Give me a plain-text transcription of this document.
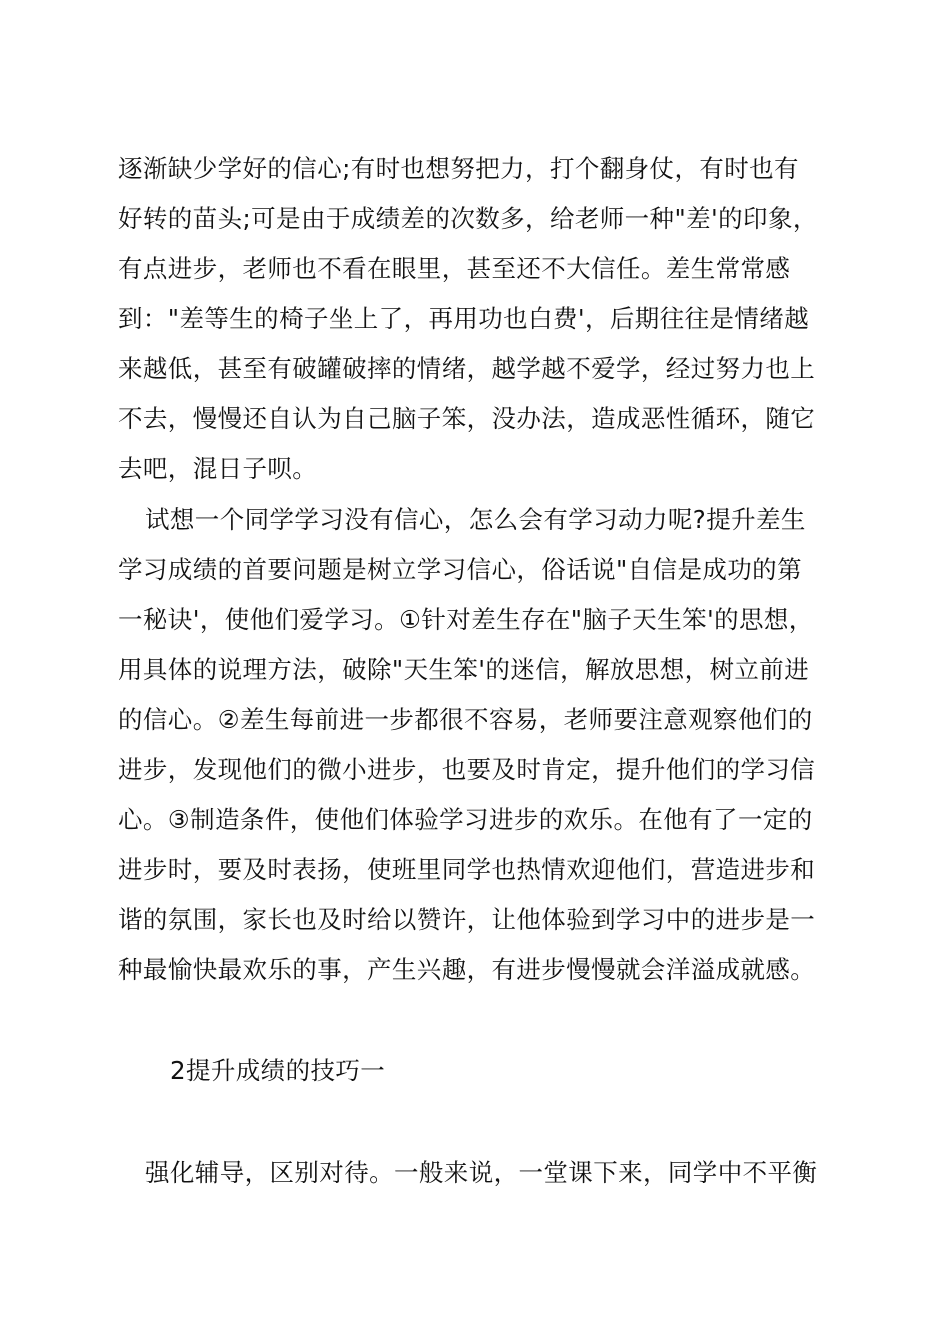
逐渐缺少学好的信心;有时也想努把力，打个翻身仗，有时也有
好转的苗头;可是由于成绩差的次数多，给老师一种"差'的印象，
有点进步，老师也不看在眼里，甚至还不大信任。差生常常感
到："差等生的椅子坐上了，再用功也白费'，后期往往是情绪越
来越低，甚至有破罐破摔的情绪，越学越不爱学，经过努力也上
不去，慢慢还自认为自己脑子笨，没办法，造成恶性循环，随它
去吧，混日子呗。
试想一个同学学习没有信心，怎么会有学习动力呢?提升差生
学习成绩的首要问题是树立学习信心，俗话说"自信是成功的第
一秘诀'，使他们爱学习。①针对差生存在"脑子天生笨'的思想，
用具体的说理方法，破除"天生笨'的迷信，解放思想，树立前进
的信心。②差生每前进一步都很不容易，老师要注意观察他们的
进步，发现他们的微小进步，也要及时肯定，提升他们的学习信
心。③制造条件，使他们体验学习进步的欢乐。在他有了一定的
进步时，要及时表扬，使班里同学也热情欢迎他们，营造进步和
谐的氛围，家长也及时给以赞许，让他体验到学习中的进步是一
种最愉快最欢乐的事，产生兴趣，有进步慢慢就会洋溢成就感。
2提升成绩的技巧一
强化辅导，区别对待。一般来说，一堂课下来，同学中不平衡
